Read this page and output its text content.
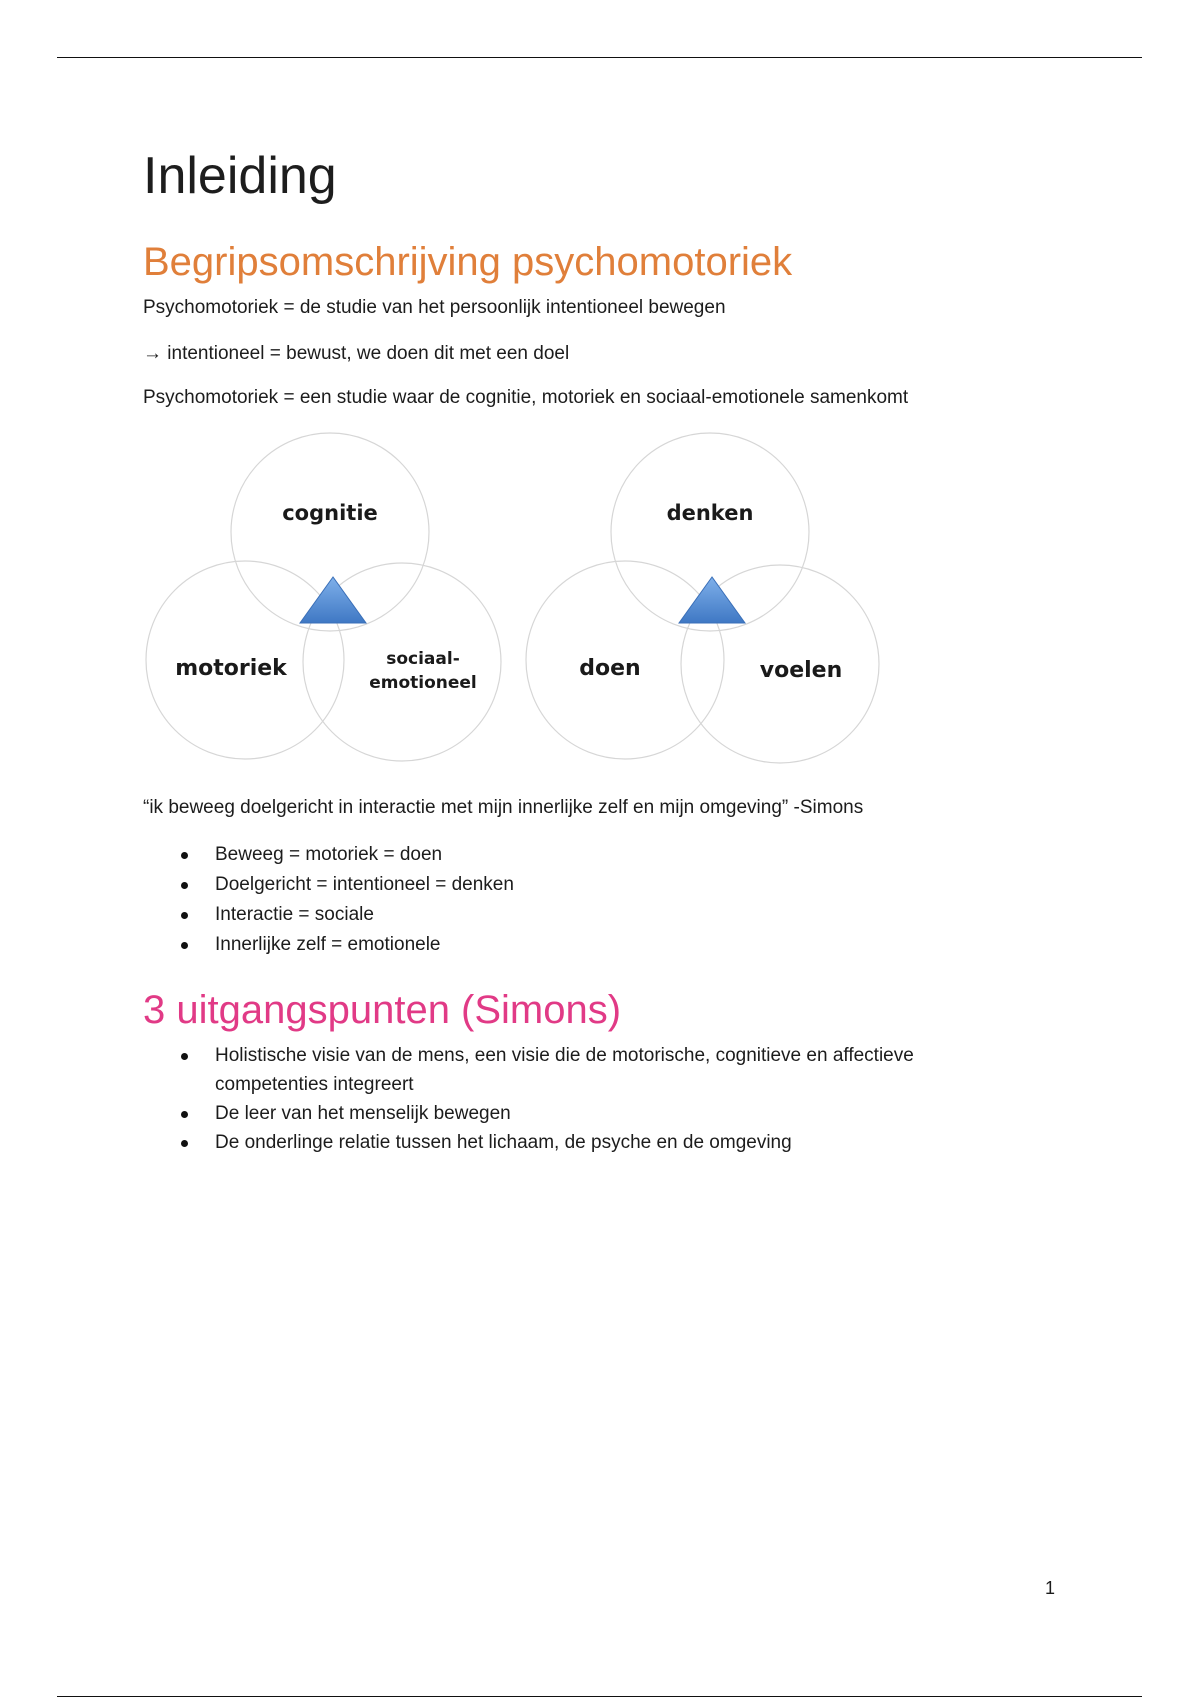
Inleiding
Begripsomschrijving psychomotoriek

Psychomotoriek = de studie van het persoonlijk intentioneel bewegen

→ intentioneel = bewust, we doen dit met een doel

Psychomotoriek = een studie waar de cognitie, motoriek en sociaal-emotionele samenkomt

“ik beweeg doelgericht in interactie met mijn innerlijke zelf en mijn omgeving” -Simons

Beweeg = motoriek = doen
Doelgericht = intentioneel = denken
Interactie = sociale
Innerlijke zelf = emotionele
3 uitgangspunten (Simons)
Holistische visie van de mens, een visie die de motorische, cognitieve en affectieve competenties integreert
De leer van het menselijk bewegen
De onderlinge relatie tussen het lichaam, de psyche en de omgeving
cognitie
motoriek	sociaal-
emotioneel
denken
doen	voelen
1
